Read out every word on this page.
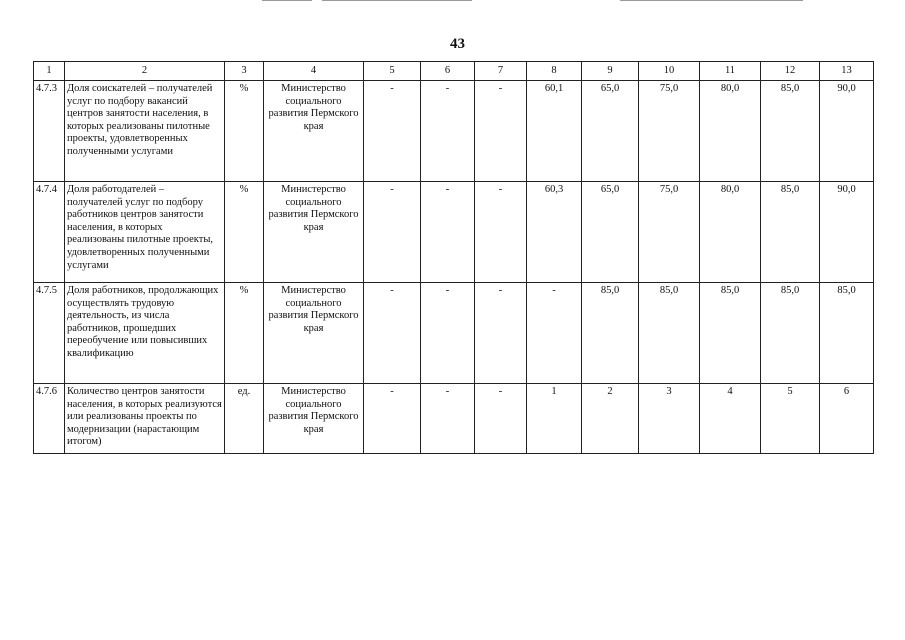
43
1	2	3	4	5	6	7	8	9	10	11	12	13
4.7.3	Доля соискателей – получателей услуг по подбору вакансий центров занятости населения, в которых реализованы пилотные проекты, удовлетворенных полученными услугами	%	Министерство социального развития Пермского края	-	-	-	60,1	65,0	75,0	80,0	85,0	90,0
4.7.4	Доля работодателей – получателей услуг по подбору работников центров занятости населения, в которых реализованы пилотные проекты, удовлетворенных полученными услугами	%	Министерство социального развития Пермского края	-	-	-	60,3	65,0	75,0	80,0	85,0	90,0
4.7.5	Доля работников, продолжающих осуществлять трудовую деятельность, из числа работников, прошедших переобучение или повысивших квалификацию	%	Министерство социального развития Пермского края	-	-	-	-	85,0	85,0	85,0	85,0	85,0
4.7.6	Количество центров занятости населения, в которых реализуются или реализованы проекты по модернизации (нарастающим итогом)	ед.	Министерство социального развития Пермского края	-	-	-	1	2	3	4	5	6
